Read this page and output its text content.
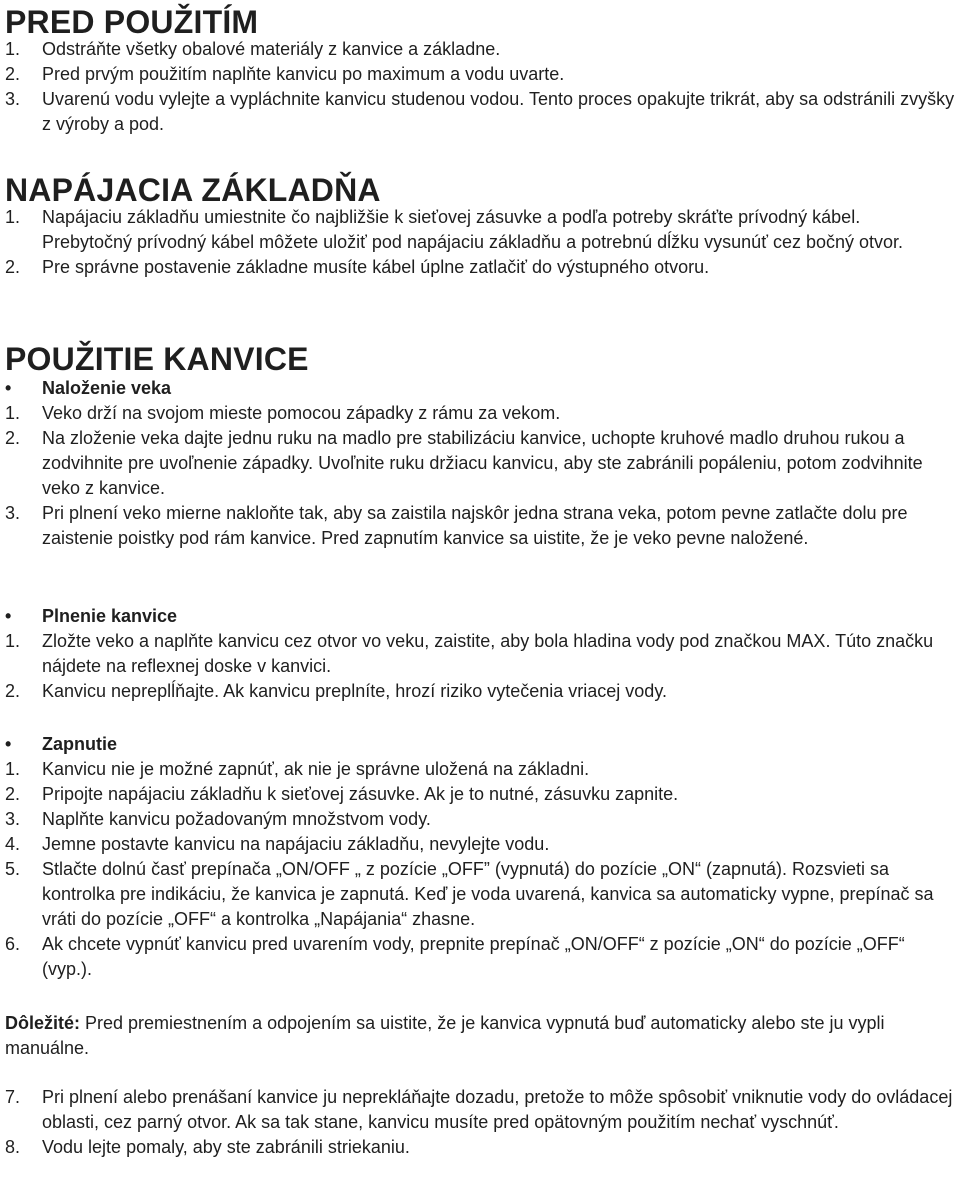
PRED POUŽITÍM
1. Odstráňte všetky obalové materiály z kanvice a základne.
2. Pred prvým použitím naplňte kanvicu po maximum a vodu uvarte.
3. Uvarenú vodu vylejte a vypláchnite kanvicu studenou vodou. Tento proces opakujte trikrát, aby sa odstránili zvyšky z výroby a pod.
NAPÁJACIA ZÁKLADŇA
1. Napájaciu základňu umiestnite čo najbližšie k sieťovej zásuvke a podľa potreby skráťte prívodný kábel. Prebytočný prívodný kábel môžete uložiť pod napájaciu základňu a potrebnú dĺžku vysunúť cez bočný otvor.
2. Pre správne postavenie základne musíte kábel úplne zatlačiť do výstupného otvoru.
POUŽITIE KANVICE
• Naloženie veka
1. Veko drží na svojom mieste pomocou západky z rámu za vekom.
2. Na zloženie veka dajte jednu ruku na madlo pre stabilizáciu kanvice, uchopte kruhové madlo druhou rukou a zodvihnite pre uvoľnenie západky. Uvoľnite ruku držiacu kanvicu, aby ste zabránili popáleniu, potom zodvihnite veko z kanvice.
3. Pri plnení veko mierne nakloňte tak, aby sa zaistila najskôr jedna strana veka, potom pevne zatlačte dolu pre zaistenie poistky pod rám kanvice. Pred zapnutím kanvice sa uistite, že je veko pevne naložené.
• Plnenie kanvice
1. Zložte veko a naplňte kanvicu cez otvor vo veku, zaistite, aby bola hladina vody pod značkou MAX. Túto značku nájdete na reflexnej doske v kanvici.
2. Kanvicu nepreplĺňajte. Ak kanvicu preplníte, hrozí riziko vytečenia vriacej vody.
• Zapnutie
1. Kanvicu nie je možné zapnúť, ak nie je správne uložená na základni.
2. Pripojte napájaciu základňu k sieťovej zásuvke. Ak je to nutné, zásuvku zapnite.
3. Naplňte kanvicu požadovaným množstvom vody.
4. Jemne postavte kanvicu na napájaciu základňu, nevylejte vodu.
5. Stlačte dolnú časť prepínača „ON/OFF „ z pozície „OFF” (vypnutá) do pozície „ON“ (zapnutá). Rozsvieti sa kontrolka pre indikáciu, že kanvica je zapnutá. Keď je voda uvarená, kanvica sa automaticky vypne, prepínač sa vráti do pozície „OFF“ a kontrolka „Napájania“ zhasne.
6. Ak chcete vypnúť kanvicu pred uvarením vody, prepnite prepínač „ON/OFF“ z pozície „ON“ do pozície „OFF“ (vyp.).
Dôležité: Pred premiestnením a odpojením sa uistite, že je kanvica vypnutá buď automaticky alebo ste ju vypli manuálne.
7. Pri plnení alebo prenášaní kanvice ju neprekláňajte dozadu, pretože to môže spôsobiť vniknutie vody do ovládacej oblasti, cez parný otvor. Ak sa tak stane, kanvicu musíte pred opätovným použitím nechať vyschnúť.
8. Vodu lejte pomaly, aby ste zabránili striekaniu.
